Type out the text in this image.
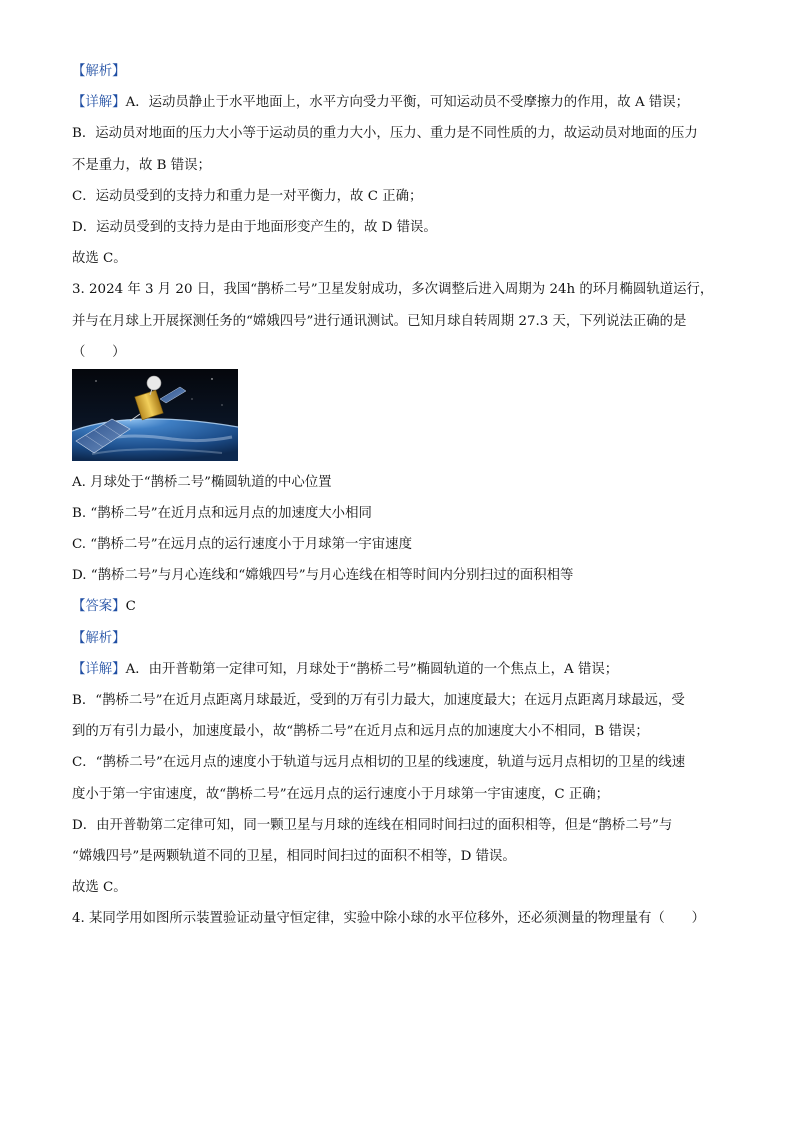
【解析】

【详解】A．运动员静止于水平地面上，水平方向受力平衡，可知运动员不受摩擦力的作用，故 A 错误；

B．运动员对地面的压力大小等于运动员的重力大小，压力、重力是不同性质的力，故运动员对地面的压力

不是重力，故 B 错误；

C．运动员受到的支持力和重力是一对平衡力，故 C 正确；

D．运动员受到的支持力是由于地面形变产生的，故 D 错误。

故选 C。

3. 2024 年 3 月 20 日，我国“鹊桥二号”卫星发射成功，多次调整后进入周期为 24h 的环月椭圆轨道运行，

并与在月球上开展探测任务的“嫦娥四号”进行通讯测试。已知月球自转周期 27.3 天，下列说法正确的是

（　　）

A. 月球处于“鹊桥二号”椭圆轨道的中心位置

B. “鹊桥二号”在近月点和远月点的加速度大小相同

C. “鹊桥二号”在远月点的运行速度小于月球第一宇宙速度

D. “鹊桥二号”与月心连线和“嫦娥四号”与月心连线在相等时间内分别扫过的面积相等

【答案】C

【解析】

【详解】A．由开普勒第一定律可知，月球处于“鹊桥二号”椭圆轨道的一个焦点上，A 错误；

B．“鹊桥二号”在近月点距离月球最近，受到的万有引力最大，加速度最大；在远月点距离月球最远，受

到的万有引力最小，加速度最小，故“鹊桥二号”在近月点和远月点的加速度大小不相同，B 错误；

C．“鹊桥二号”在远月点的速度小于轨道与远月点相切的卫星的线速度，轨道与远月点相切的卫星的线速

度小于第一宇宙速度，故“鹊桥二号”在远月点的运行速度小于月球第一宇宙速度，C 正确；

D．由开普勒第二定律可知，同一颗卫星与月球的连线在相同时间扫过的面积相等，但是“鹊桥二号”与

“嫦娥四号”是两颗轨道不同的卫星，相同时间扫过的面积不相等，D 错误。

故选 C。

4. 某同学用如图所示装置验证动量守恒定律，实验中除小球的水平位移外，还必须测量的物理量有（　　）
